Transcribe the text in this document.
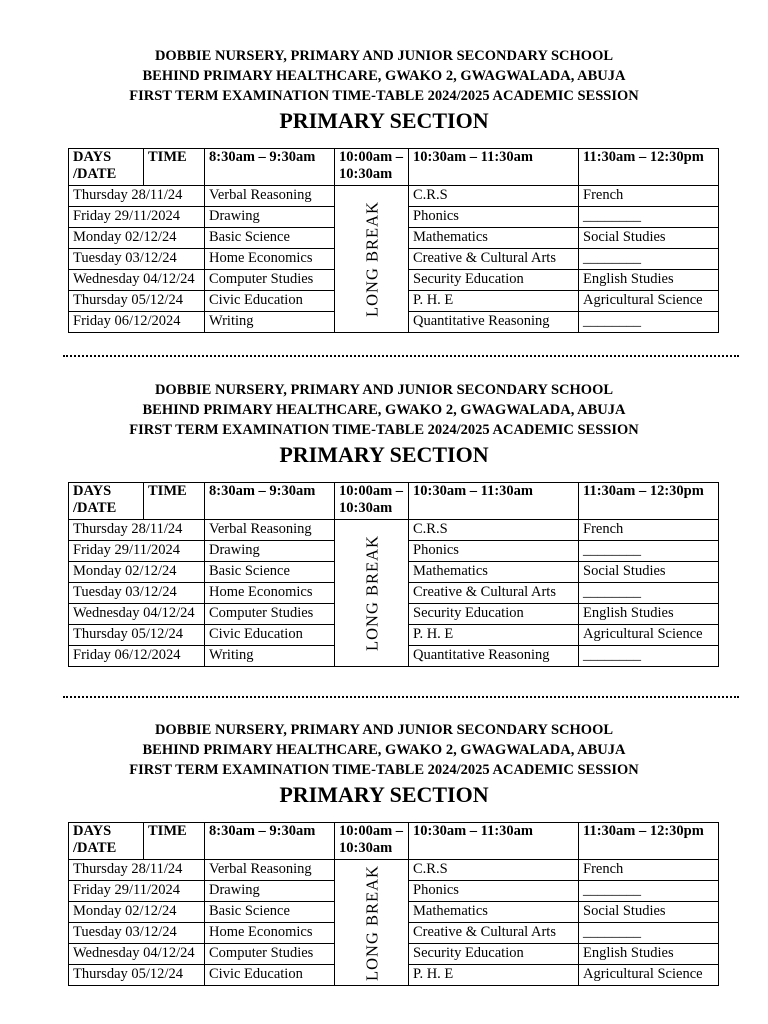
DOBBIE NURSERY, PRIMARY AND JUNIOR SECONDARY SCHOOL
BEHIND PRIMARY HEALTHCARE, GWAKO 2, GWAGWALADA, ABUJA
FIRST TERM EXAMINATION TIME-TABLE 2024/2025 ACADEMIC SESSION
PRIMARY SECTION
DAYS /DATE	TIME	8:30am – 9:30am	10:00am – 10:30am	10:30am – 11:30am	11:30am – 12:30pm
Thursday 28/11/24		Verbal Reasoning	LONG BREAK	C.R.S	French
Friday 29/11/2024		Drawing		Phonics	________
Monday 02/12/24		Basic Science		Mathematics	Social Studies
Tuesday 03/12/24		Home Economics		Creative & Cultural Arts	________
Wednesday 04/12/24		Computer Studies		Security Education	English Studies
Thursday 05/12/24		Civic Education		P. H. E	Agricultural Science
Friday 06/12/2024		Writing		Quantitative Reasoning	________
DOBBIE NURSERY, PRIMARY AND JUNIOR SECONDARY SCHOOL
BEHIND PRIMARY HEALTHCARE, GWAKO 2, GWAGWALADA, ABUJA
FIRST TERM EXAMINATION TIME-TABLE 2024/2025 ACADEMIC SESSION
PRIMARY SECTION
DAYS /DATE	TIME	8:30am – 9:30am	10:00am – 10:30am	10:30am – 11:30am	11:30am – 12:30pm
Thursday 28/11/24		Verbal Reasoning	LONG BREAK	C.R.S	French
Friday 29/11/2024		Drawing		Phonics	________
Monday 02/12/24		Basic Science		Mathematics	Social Studies
Tuesday 03/12/24		Home Economics		Creative & Cultural Arts	________
Wednesday 04/12/24		Computer Studies		Security Education	English Studies
Thursday 05/12/24		Civic Education		P. H. E	Agricultural Science
Friday 06/12/2024		Writing		Quantitative Reasoning	________
DOBBIE NURSERY, PRIMARY AND JUNIOR SECONDARY SCHOOL
BEHIND PRIMARY HEALTHCARE, GWAKO 2, GWAGWALADA, ABUJA
FIRST TERM EXAMINATION TIME-TABLE 2024/2025 ACADEMIC SESSION
PRIMARY SECTION
DAYS /DATE	TIME	8:30am – 9:30am	10:00am – 10:30am	10:30am – 11:30am	11:30am – 12:30pm
Thursday 28/11/24		Verbal Reasoning	LONG BREAK	C.R.S	French
Friday 29/11/2024		Drawing		Phonics	________
Monday 02/12/24		Basic Science		Mathematics	Social Studies
Tuesday 03/12/24		Home Economics		Creative & Cultural Arts	________
Wednesday 04/12/24		Computer Studies		Security Education	English Studies
Thursday 05/12/24		Civic Education		P. H. E	Agricultural Science
